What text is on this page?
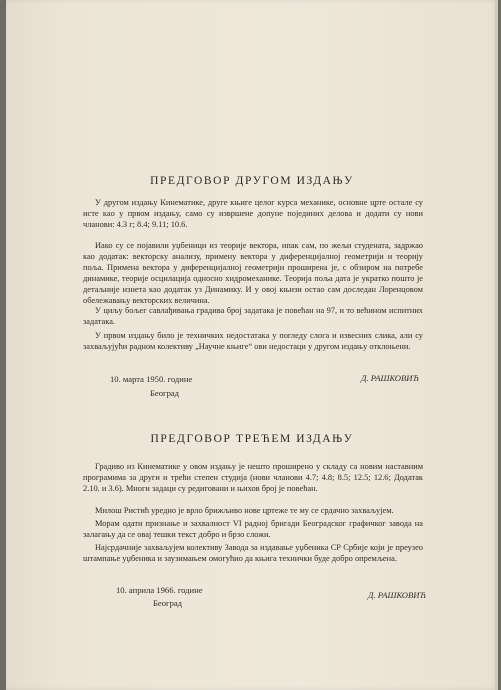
ПРЕДГОВОР ДРУГОМ ИЗДАЊУ

У другом издању Кинематике, друге књиге целог курса механике, основне црте остале су исте као у првом издању, само су извршене допуне појединих делова и додати су нови чланови: 4.3 г; 8.4; 9.11; 10.6.

Иако су се појавили уџбеници из теорије вектора, ипак сам, по жељи студената, задржао као додатак: векторску анализу, примену вектора у диференцијалној геометрији и теорију поља. Примена вектора у диференцијалној геометрији проширена је, с обзиром на потребе динамике, теорије осцилација односно хидромеханике. Теорија поља дата је укратко пошто је детаљније изнета као додатак уз Динамику. И у овој књизи остао сам доследан Лоренцовом обележавању векторских величина.

У циљу бољег савлађивања градива број задатака је повећан на 97, и то већином испитних задатака.

У првом издању било је техничких недостатака у погледу слога и извесних слика, али су захваљујући радном колективу „Научне књиге“ ови недостаци у другом издању отклоњени.

10. марта 1950. године
Београд
Д. РАШКОВИЋ
ПРЕДГОВОР ТРЕЋЕМ ИЗДАЊУ

Градиво из Кинематике у овом издању је нешто проширено у складу са новим наставним програмима за други и трећи степен студија (нови чланови 4.7; 4.8; 8.5; 12.5; 12.6; Додатак 2.10. и 3.6). Многи задаци су редиговани и њихов број је повећан.

Милош Ристић уредно је врло брижљиво нове цртеже те му се срдачно захваљујем.

Морам одати признање и захвалност VI радној бригади Београдског графичког завода на залагању да се овај тешки текст добро и брзо сложи.

Најсрдачније захваљујем колективу Завода за издавање уџбеника СР Србије који је преузео штампање уџбеника и заузимањем омогућио да књига технички буде добро опремљена.

10. априла 1966. године
Београд
Д. РАШКОВИЋ
